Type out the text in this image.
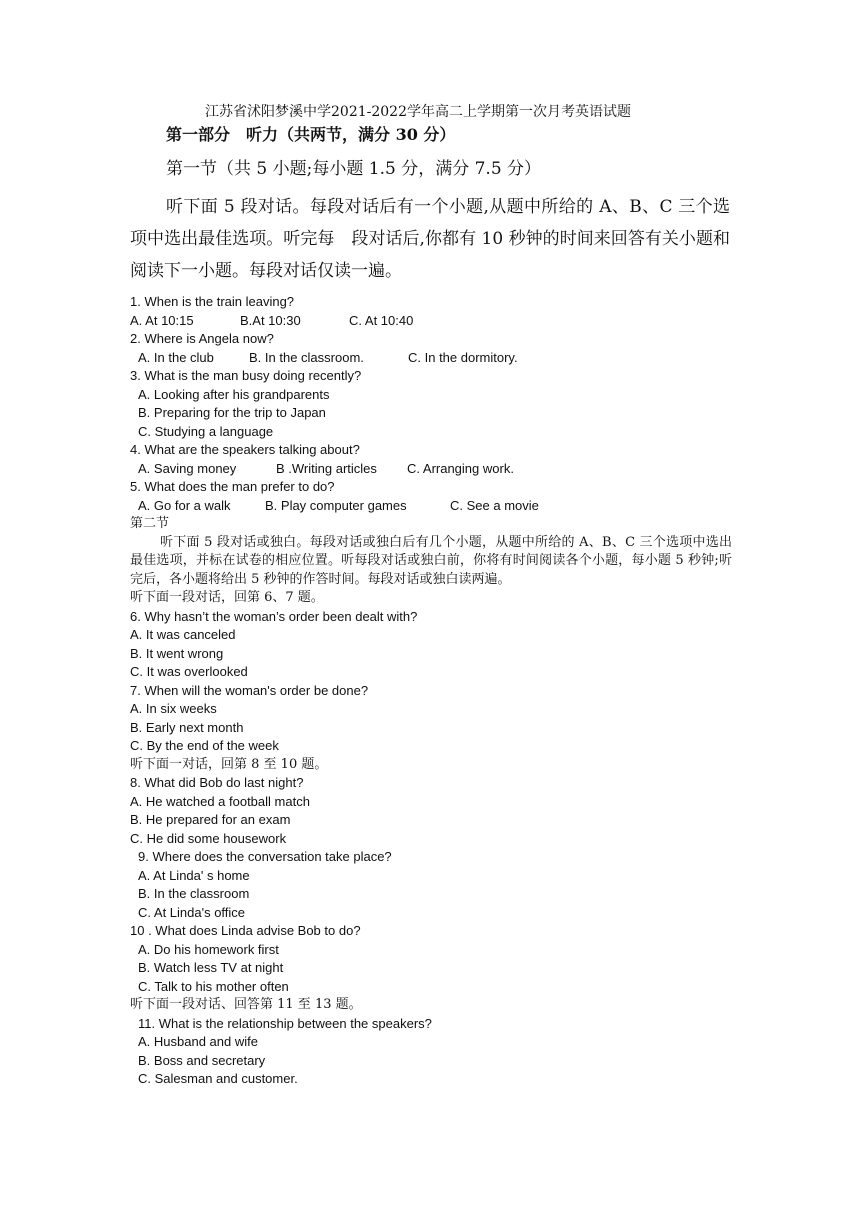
江苏省沭阳梦溪中学2021-2022学年高二上学期第一次月考英语试题
第一部分　听力（共两节，满分 30 分）
第一节（共 5 小题;每小题 1.5 分，满分 7.5 分）
听下面 5 段对话。每段对话后有一个小题,从题中所给的 A、B、C 三个选项中选出最佳选项。听完每　段对话后,你都有 10 秒钟的时间来回答有关小题和阅读下一小题。每段对话仅读一遍。
1. When is the train leaving?
A. At 10:15	B.At 10:30	C. At 10:40
2. Where is Angela now?
A. In the club	B. In the classroom.	C. In the dormitory.
3. What is the man busy doing recently?
A. Looking after his grandparents
B. Preparing for the trip to Japan
C. Studying a language
4. What are the speakers talking about?
A. Saving money	B .Writing articles	C. Arranging work.
5. What does the man prefer to do?
A. Go for a walk	B. Play computer games	C. See a movie
第二节
听下面 5 段对话或独白。每段对话或独白后有几个小题，从题中所给的 A、B、C 三个选项中选出最佳选项，并标在试卷的相应位置。听每段对话或独白前，你将有时间阅读各个小题，每小题 5 秒钟;听完后，各小题将给出 5 秒钟的作答时间。每段对话或独白读两遍。
听下面一段对话，回第 6、7 题。
6. Why hasn’t the woman’s order been dealt with?
A. It was canceled
B. It went wrong
C. It was overlooked
7. When will the woman's order be done?
A. In six weeks
B. Early next month
C. By the end of the week
听下面一对话，回第 8 至 10 题。
8. What did Bob do last night?
A. He watched a football match
B. He prepared for an exam
C. He did some housework
9. Where does the conversation take place?
A. At Linda' s home
B. In the classroom
C. At Linda's office
10 . What does Linda advise Bob to do?
A. Do his homework first
B. Watch less TV at night
C. Talk to his mother often
听下面一段对话、回答第 11 至 13 题。
11. What is the relationship between the speakers?
A. Husband and wife
B. Boss and secretary
C. Salesman and customer.
